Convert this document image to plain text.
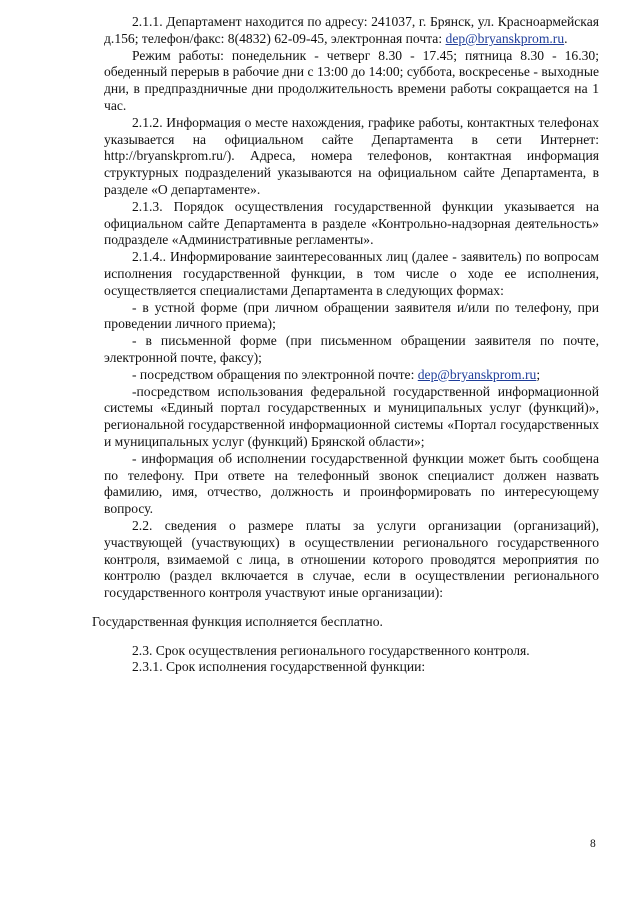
2.1.1. Департамент находится по адресу: 241037, г. Брянск, ул. Красноармейская д.156; телефон/факс: 8(4832) 62-09-45, электронная почта: dep@bryanskprom.ru.

Режим работы: понедельник - четверг 8.30 - 17.45; пятница 8.30 - 16.30; обеденный перерыв в рабочие дни с 13:00 до 14:00; суббота, воскресенье - выходные дни, в предпраздничные дни продолжительность времени работы сокращается на 1 час.

2.1.2. Информация о месте нахождения, графике работы, контактных телефонах указывается на официальном сайте Департамента в сети Интернет: http://bryanskprom.ru/). Адреса, номера телефонов, контактная информация структурных подразделений указываются на официальном сайте Департамента, в разделе «О департаменте».

2.1.3. Порядок осуществления государственной функции указывается на официальном сайте Департамента в разделе «Контрольно-надзорная деятельность» подразделе «Административные регламенты».

2.1.4.. Информирование заинтересованных лиц (далее - заявитель) по вопросам исполнения государственной функции, в том числе о ходе ее исполнения, осуществляется специалистами Департамента в следующих формах:

- в устной форме (при личном обращении заявителя и/или по телефону, при проведении личного приема);

- в письменной форме (при письменном обращении заявителя по почте, электронной почте, факсу);

- посредством обращения по электронной почте: dep@bryanskprom.ru;

-посредством использования федеральной государственной информационной системы «Единый портал государственных и муниципальных услуг (функций)», региональной государственной информационной системы «Портал государственных и муниципальных услуг (функций) Брянской области»;

- информация об исполнении государственной функции может быть сообщена по телефону. При ответе на телефонный звонок специалист должен назвать фамилию, имя, отчество, должность и проинформировать по интересующему вопросу.

2.2. сведения о размере платы за услуги организации (организаций), участвующей (участвующих) в осуществлении регионального государственного контроля, взимаемой с лица, в отношении которого проводятся мероприятия по контролю (раздел включается в случае, если в осуществлении регионального государственного контроля участвуют иные организации):

Государственная функция исполняется бесплатно.

2.3. Срок осуществления регионального государственного контроля.

2.3.1. Срок исполнения государственной функции:

8
